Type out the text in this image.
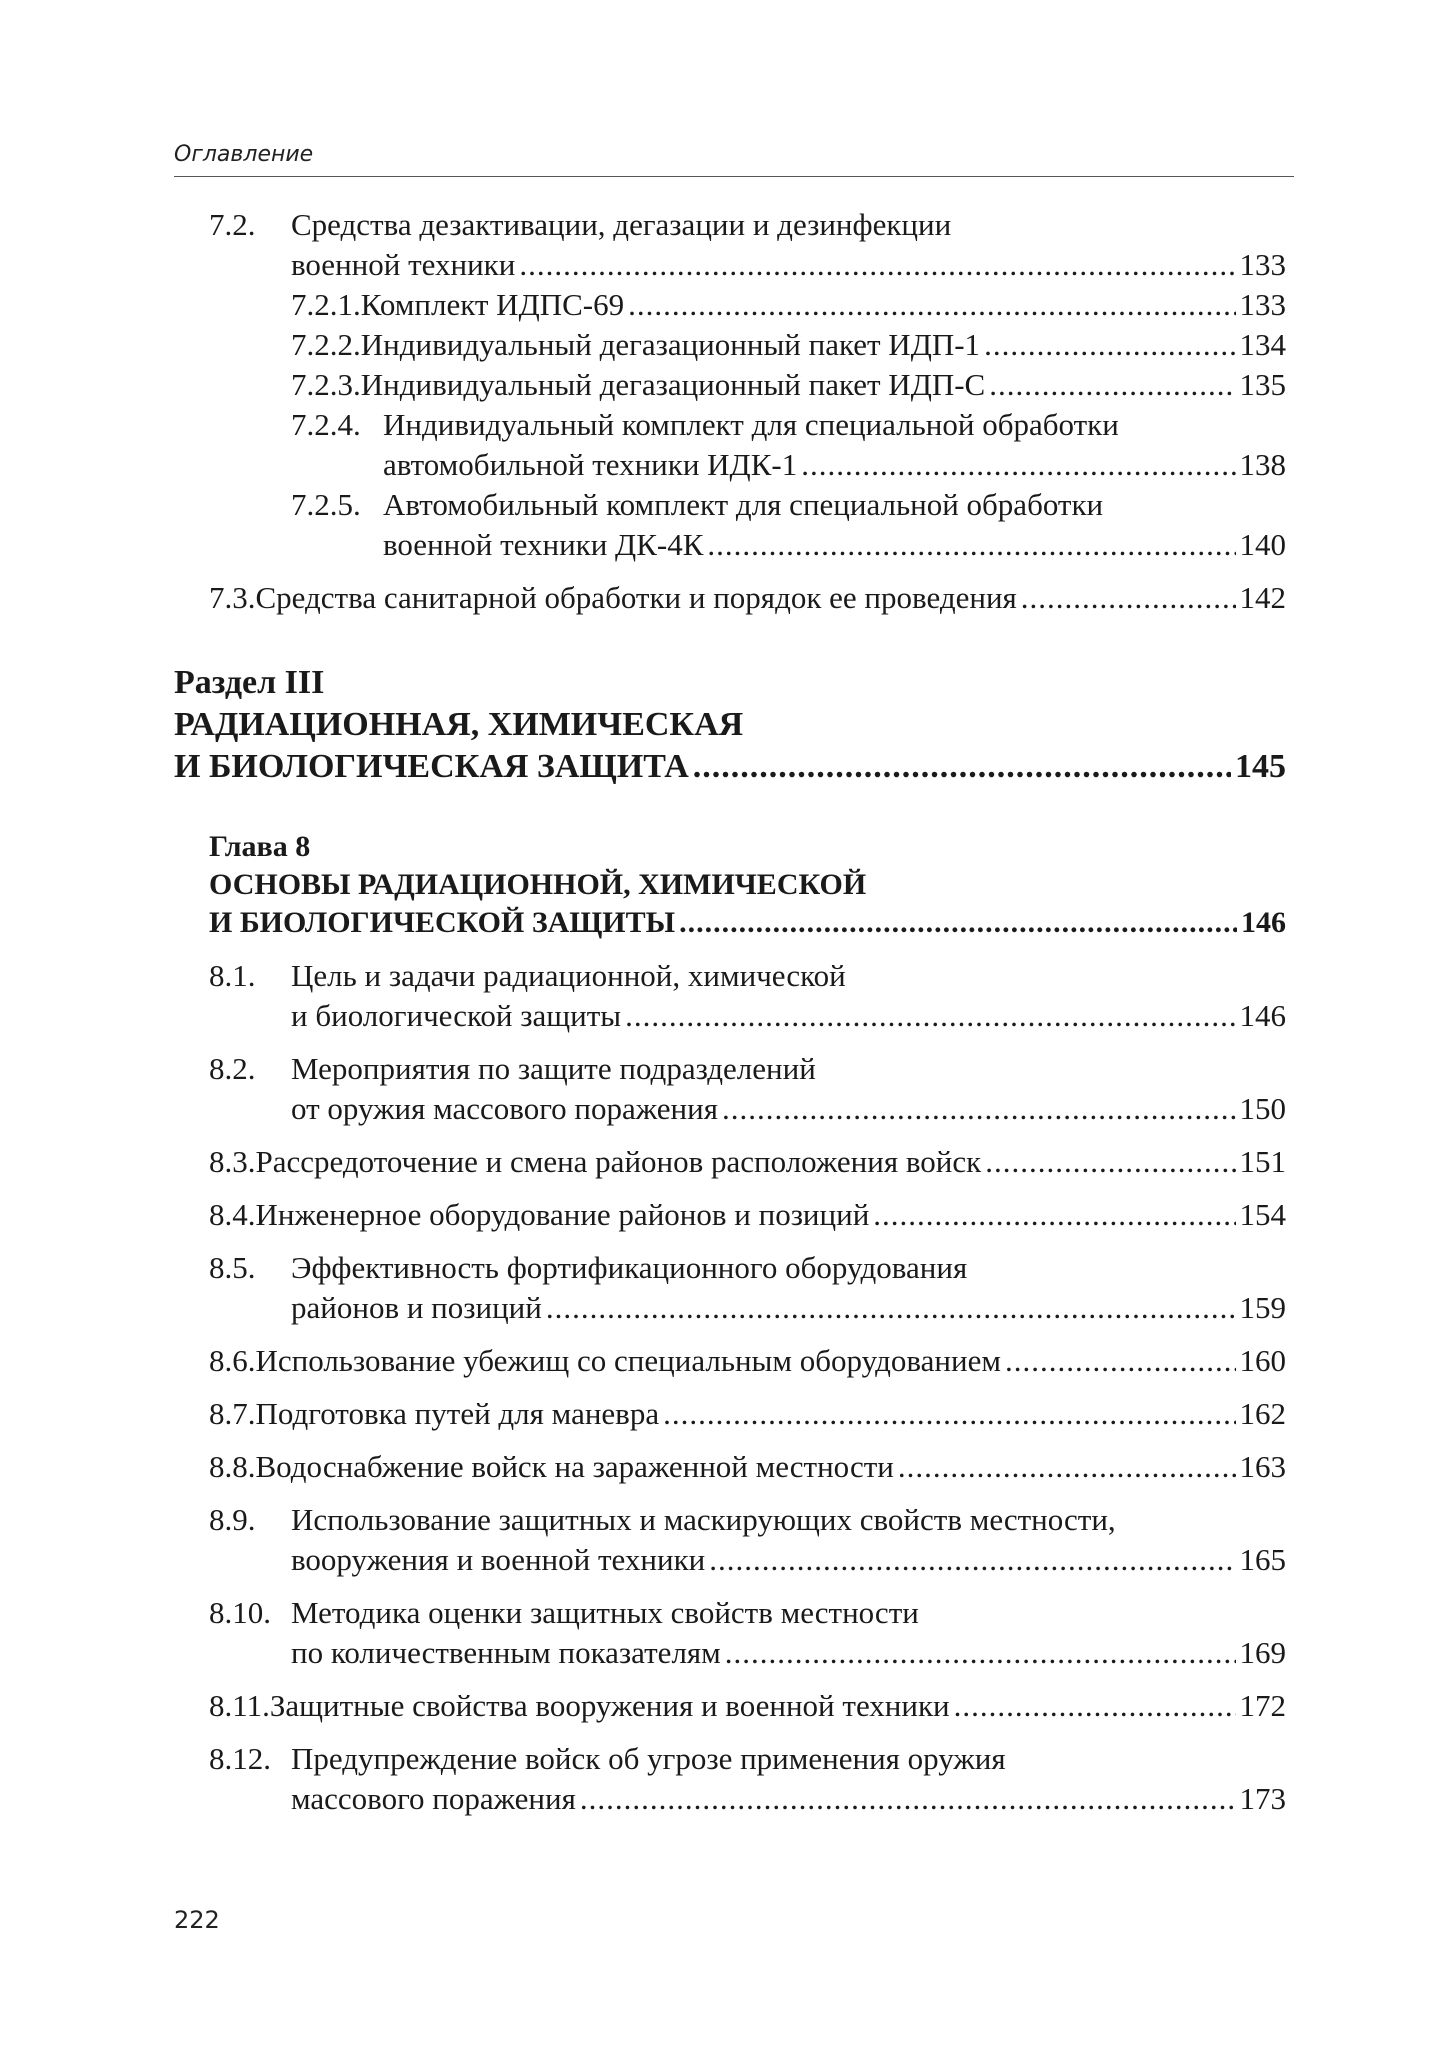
Оглавление
7.2.	Средства дезактивации, дегазации и дезинфекции
военной техники .....	133
7.2.1. Комплект ИДПС-69 .....	133
7.2.2. Индивидуальный дегазационный пакет ИДП-1 .....	134
7.2.3. Индивидуальный дегазационный пакет ИДП-С .....	135
7.2.4. Индивидуальный комплект для специальной обработки
автомобильной техники ИДК-1 .....	138
7.2.5. Автомобильный комплект для специальной обработки
военной техники ДК-4К .....	140
7.3. Средства санитарной обработки и порядок ее проведения .....	142
Раздел III
РАДИАЦИОННАЯ, ХИМИЧЕСКАЯ
И БИОЛОГИЧЕСКАЯ ЗАЩИТА .....	145
Глава 8
ОСНОВЫ РАДИАЦИОННОЙ, ХИМИЧЕСКОЙ
И БИОЛОГИЧЕСКОЙ ЗАЩИТЫ .....	146
8.1.	Цель и задачи радиационной, химической
и биологической защиты .....	146
8.2.	Мероприятия по защите подразделений
от оружия массового поражения .....	150
8.3. Рассредоточение и смена районов расположения войск .....	151
8.4. Инженерное оборудование районов и позиций .....	154
8.5.	Эффективность фортификационного оборудования
районов и позиций .....	159
8.6. Использование убежищ со специальным оборудованием .....	160
8.7. Подготовка путей для маневра .....	162
8.8. Водоснабжение войск на зараженной местности .....	163
8.9.	Использование защитных и маскирующих свойств местности,
вооружения и военной техники .....	165
8.10. Методика оценки защитных свойств местности
по количественным показателям .....	169
8.11. Защитные свойства вооружения и военной техники .....	172
8.12. Предупреждение войск об угрозе применения оружия
массового поражения .....	173
222
